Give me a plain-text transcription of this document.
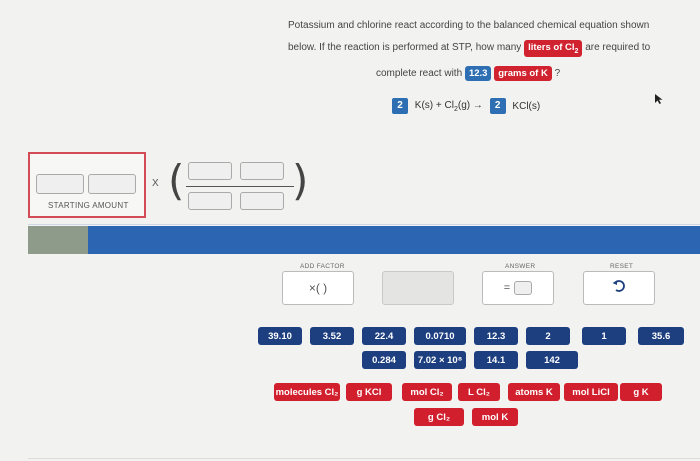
Potassium and chlorine react according to the balanced chemical equation shown
below. If the reaction is performed at STP, how many liters of $Cl_2$ are required to
complete react with 12.3 grams of K ?
2 $K(s) + Cl_2(g) \to 2$ KCl(s)
STARTING AMOUNT
X (	)
ADD FACTOR
×( )
ANSWER
=
RESET
39.10	3.52	22.4	0.0710	12.3	2	1	35.6
0.284	7.02 × 10⁸	14.1	142
molecules Cl₂	g KCl	mol Cl₂	L Cl₂	atoms K	mol LiCl	g K
g Cl₂	mol K
